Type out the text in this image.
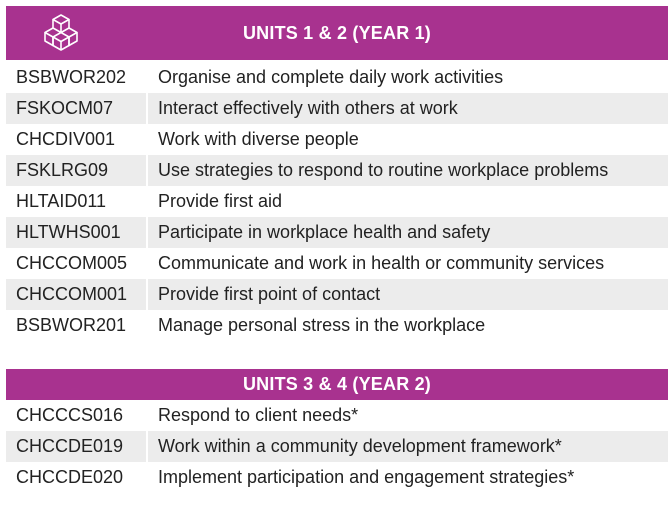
UNITS 1 & 2 (YEAR 1)
BSBWOR202	Organise and complete daily work activities
FSKOCM07	Interact effectively with others at work
CHCDIV001	Work with diverse people
FSKLRG09	Use strategies to respond to routine workplace problems
HLTAID011	Provide first aid
HLTWHS001	Participate in workplace health and safety
CHCCOM005	Communicate and work in health or community services
CHCCOM001	Provide first point of contact
BSBWOR201	Manage personal stress in the workplace
UNITS 3 & 4 (YEAR 2)
CHCCCS016	Respond to client needs*
CHCCDE019	Work within a community development framework*
CHCCDE020	Implement participation and engagement strategies*
